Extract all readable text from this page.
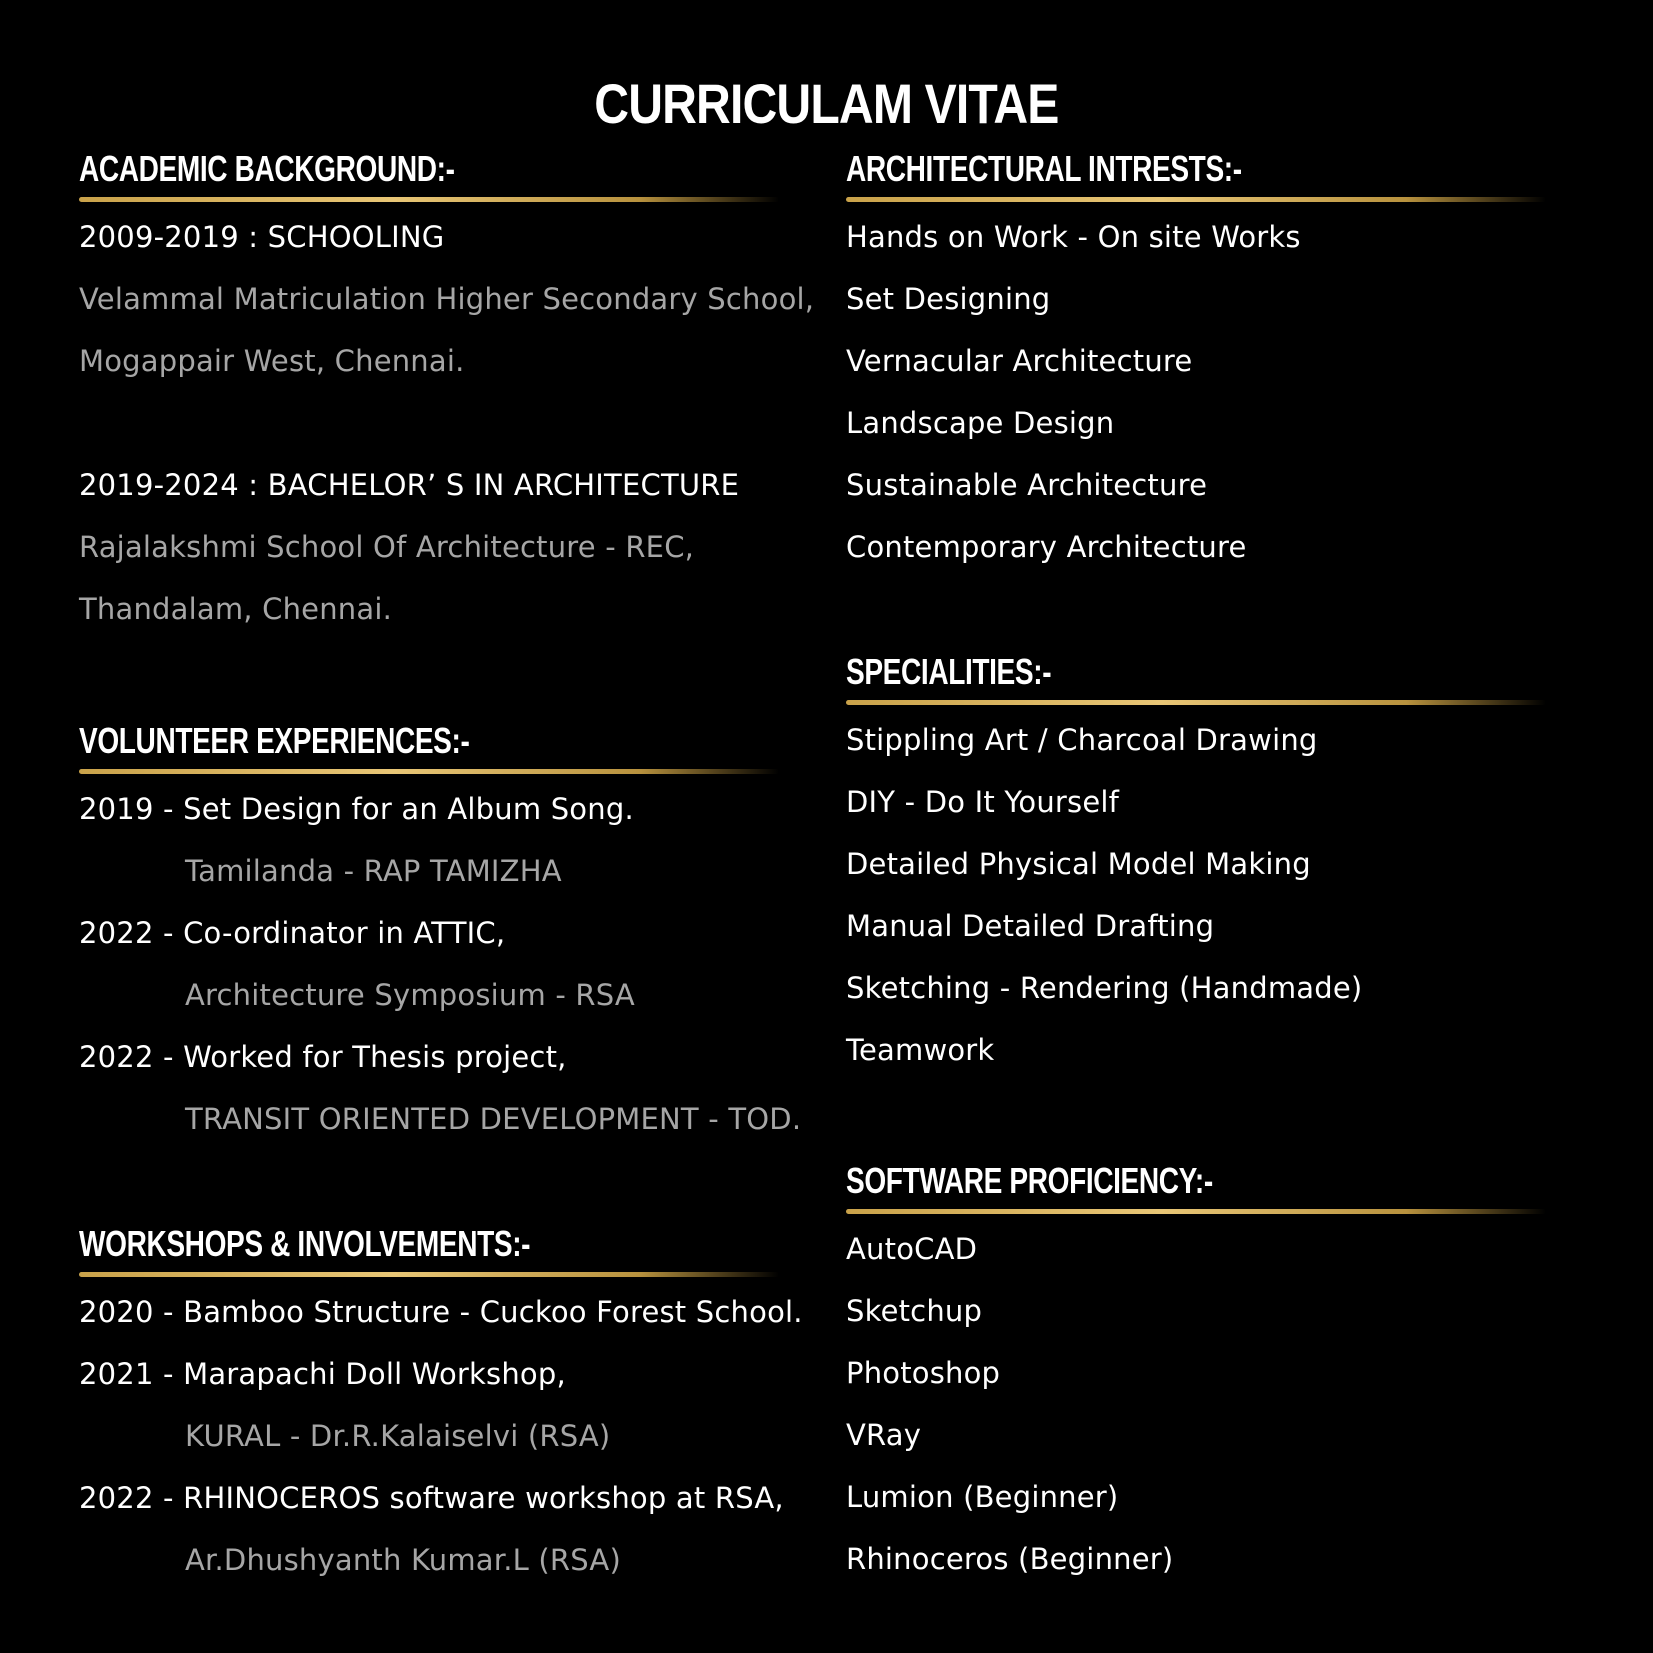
CURRICULAM VITAE
ACADEMIC BACKGROUND:-
2009-2019 : SCHOOLING
Velammal Matriculation Higher Secondary School,
Mogappair West, Chennai.
2019-2024 : BACHELOR’ S IN ARCHITECTURE
Rajalakshmi School Of Architecture - REC,
Thandalam, Chennai.
VOLUNTEER EXPERIENCES:-
2019 - Set Design for an Album Song.
Tamilanda - RAP TAMIZHA
2022 - Co-ordinator in ATTIC,
Architecture Symposium - RSA
2022 - Worked for Thesis project,
TRANSIT ORIENTED DEVELOPMENT - TOD.
WORKSHOPS & INVOLVEMENTS:-
2020 - Bamboo Structure - Cuckoo Forest School.
2021 - Marapachi Doll Workshop,
KURAL - Dr.R.Kalaiselvi (RSA)
2022 - RHINOCEROS software workshop at RSA,
Ar.Dhushyanth Kumar.L (RSA)
ARCHITECTURAL INTRESTS:-
Hands on Work - On site Works
Set Designing
Vernacular Architecture
Landscape Design
Sustainable Architecture
Contemporary Architecture
SPECIALITIES:-
Stippling Art / Charcoal Drawing
DIY - Do It Yourself
Detailed Physical Model Making
Manual Detailed Drafting
Sketching - Rendering (Handmade)
Teamwork
SOFTWARE PROFICIENCY:-
AutoCAD
Sketchup
Photoshop
VRay
Lumion (Beginner)
Rhinoceros (Beginner)
